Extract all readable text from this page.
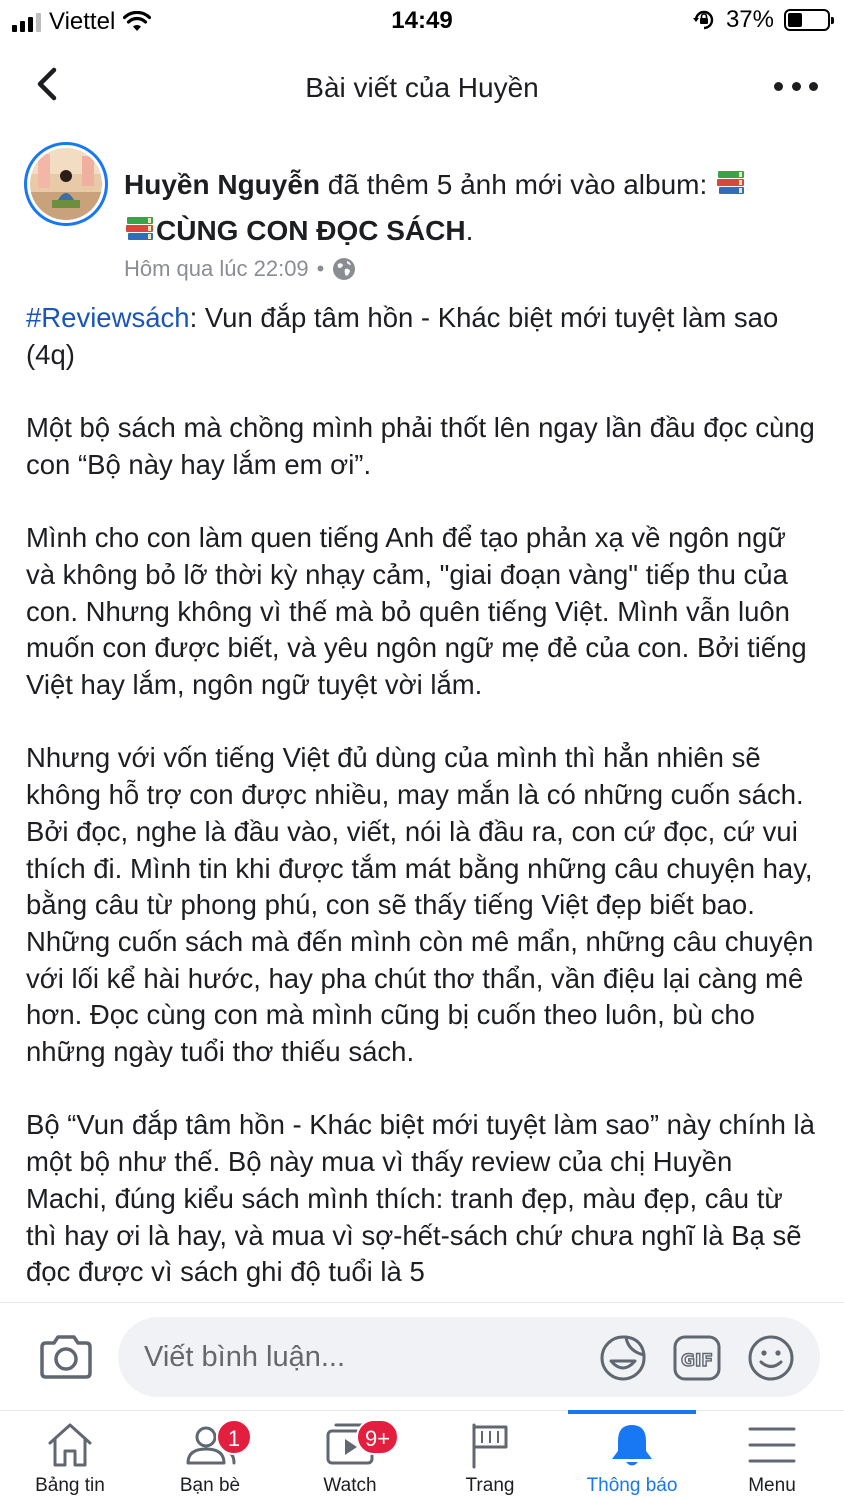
Viettel	14:49	37%
Bài viết của Huyền
Huyền Nguyễn đã thêm 5 ảnh mới vào album:
CÙNG CON ĐỌC SÁCH.
Hôm qua lúc 22:09 •

#Reviewsách: Vun đắp tâm hồn - Khác biệt mới tuyệt làm sao (4q)

Một bộ sách mà chồng mình phải thốt lên ngay lần đầu đọc cùng con “Bộ này hay lắm em ơi”.

Mình cho con làm quen tiếng Anh để tạo phản xạ về ngôn ngữ và không bỏ lỡ thời kỳ nhạy cảm, "giai đoạn vàng" tiếp thu của con. Nhưng không vì thế mà bỏ quên tiếng Việt. Mình vẫn luôn muốn con được biết, và yêu ngôn ngữ mẹ đẻ của con. Bởi tiếng Việt hay lắm, ngôn ngữ tuyệt vời lắm.

Nhưng với vốn tiếng Việt đủ dùng của mình thì hẳn nhiên sẽ không hỗ trợ con được nhiều, may mắn là có những cuốn sách. Bởi đọc, nghe là đầu vào, viết, nói là đầu ra, con cứ đọc, cứ vui thích đi. Mình tin khi được tắm mát bằng những câu chuyện hay, bằng câu từ phong phú, con sẽ thấy tiếng Việt đẹp biết bao. Những cuốn sách mà đến mình còn mê mẩn, những câu chuyện với lối kể hài hước, hay pha chút thơ thẩn, vần điệu lại càng mê hơn. Đọc cùng con mà mình cũng bị cuốn theo luôn, bù cho những ngày tuổi thơ thiếu sách.

Bộ “Vun đắp tâm hồn - Khác biệt mới tuyệt làm sao” này chính là một bộ như thế. Bộ này mua vì thấy review của chị Huyền Machi, đúng kiểu sách mình thích: tranh đẹp, màu đẹp, câu từ thì hay ơi là hay, và mua vì sợ-hết-sách chứ chưa nghĩ là Bạ sẽ đọc được vì sách ghi độ tuổi là 5

Viết bình luận...
GIF
Bảng tin
1
Bạn bè
9+
Watch	Trang	Thông báo	Menu
